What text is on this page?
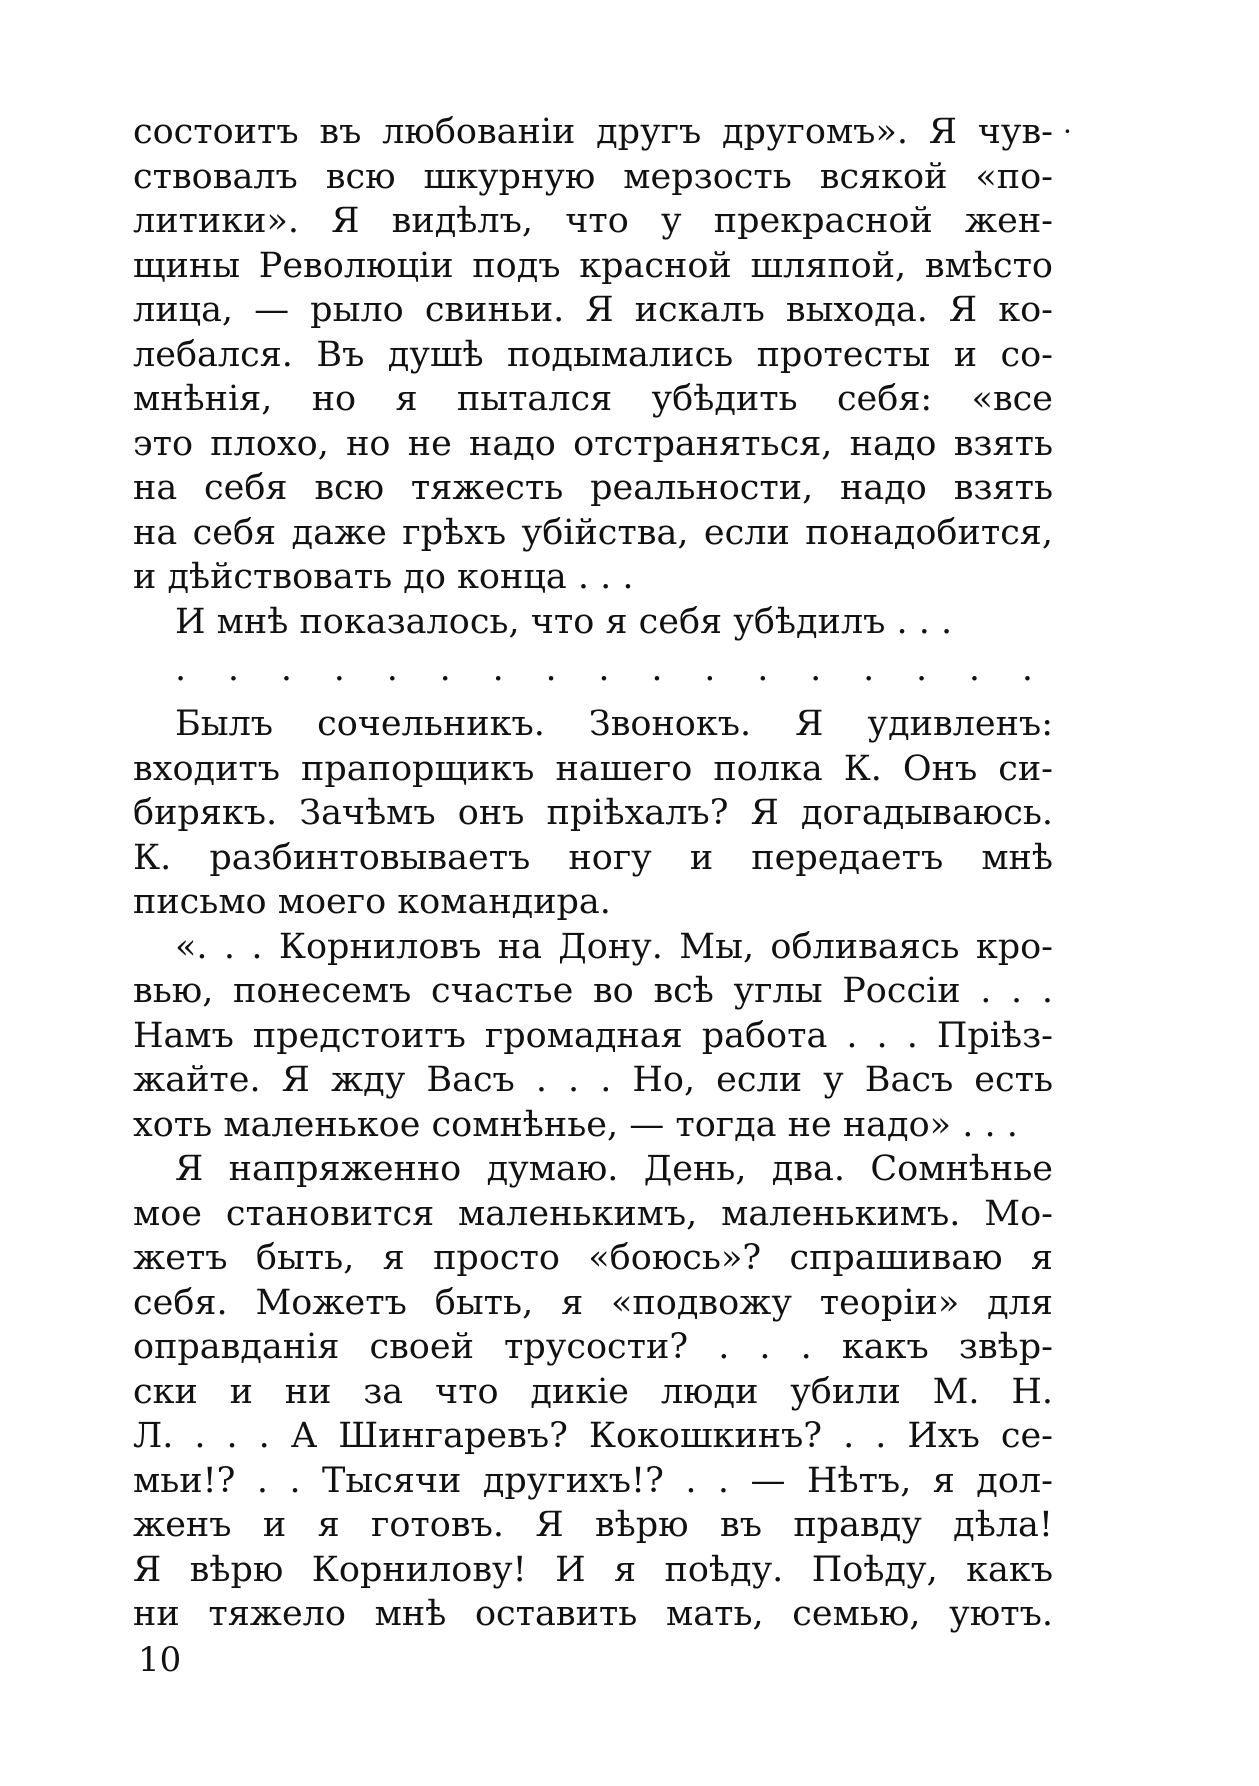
·
состоитъ въ любованіи другъ другомъ». Я чув-
ствовалъ всю шкурную мерзость всякой «по-
литики». Я видѣлъ, что у прекрасной жен-
щины Революціи подъ красной шляпой, вмѣсто
лица, — рыло свиньи. Я искалъ выхода. Я ко-
лебался. Въ душѣ подымались протесты и со-
мнѣнія, но я пытался убѣдить себя: «все
это плохо, но не надо отстраняться, надо взять
на себя всю тяжесть реальности, надо взять
на себя даже грѣхъ убійства, если понадобится,
и дѣйствовать до конца . . .
И мнѣ показалось, что я себя убѣдилъ . . .
. . . . . . . . . . . . . . . . .
Былъ сочельникъ. Звонокъ. Я удивленъ:
входитъ прапорщикъ нашего полка К. Онъ си-
бирякъ. Зачѣмъ онъ пріѣхалъ? Я догадываюсь.
К. разбинтовываетъ ногу и передаетъ мнѣ
письмо моего командира.
«. . . Корниловъ на Дону. Мы, обливаясь кро-
вью, понесемъ счастье во всѣ углы Россіи . . .
Намъ предстоитъ громадная работа . . . Пріѣз-
жайте. Я жду Васъ . . . Но, если у Васъ есть
хоть маленькое сомнѣнье, — тогда не надо» . . .
Я напряженно думаю. День, два. Сомнѣнье
мое становится маленькимъ, маленькимъ. Мо-
жетъ быть, я просто «боюсь»? спрашиваю я
себя. Можетъ быть, я «подвожу теоріи» для
оправданія своей трусости? . . . какъ звѣр-
ски и ни за что дикіе люди убили М. Н.
Л. . . . А Шингаревъ? Кокошкинъ? . . Ихъ се-
мьи!? . . Тысячи другихъ!? . . — Нѣтъ, я дол-
женъ и я готовъ. Я вѣрю въ правду дѣла!
Я вѣрю Корнилову! И я поѣду. Поѣду, какъ
ни тяжело мнѣ оставить мать, семью, уютъ.
10
